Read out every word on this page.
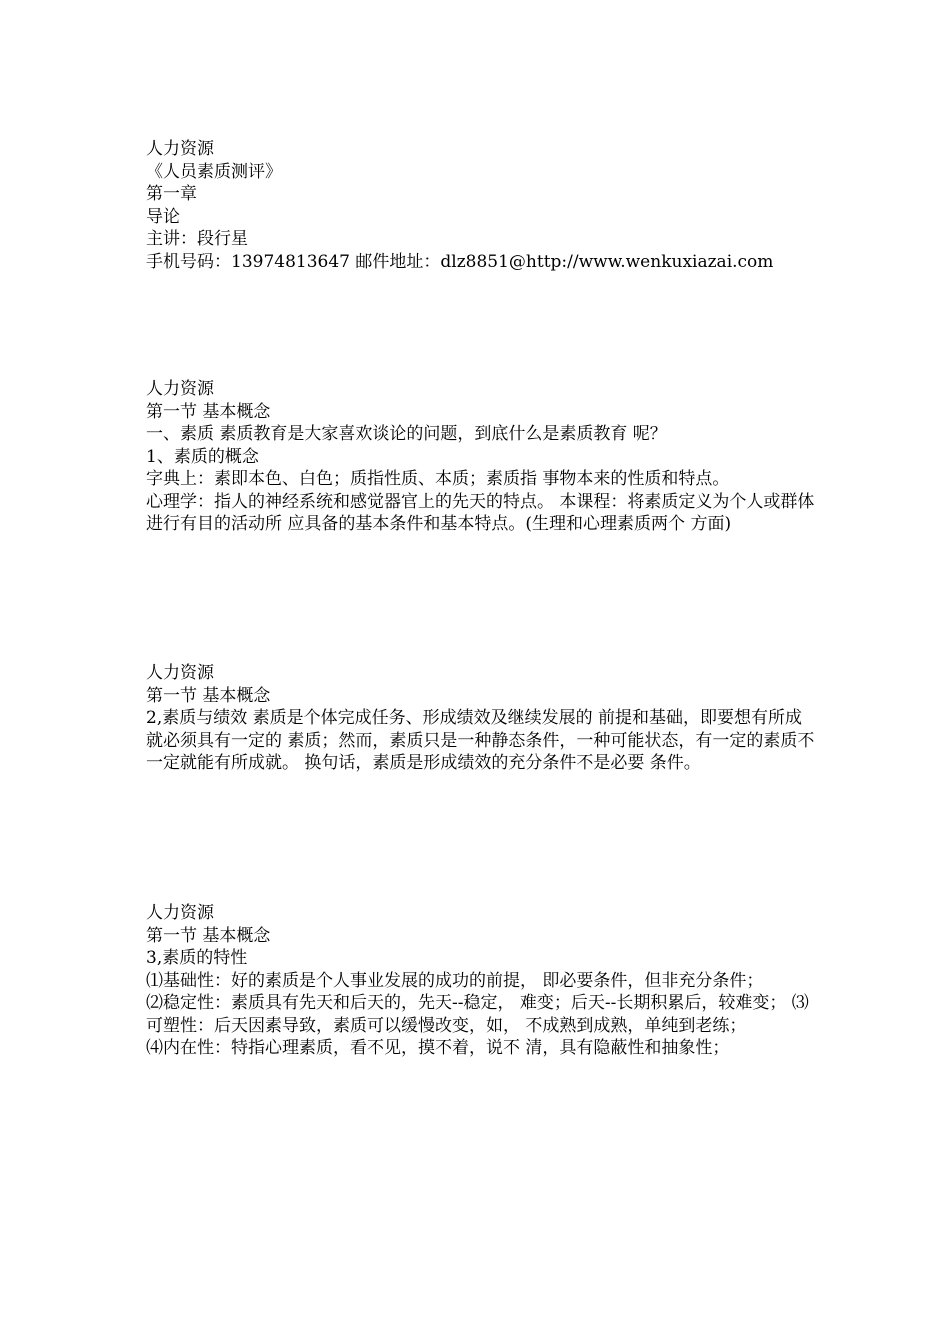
人力资源
《人员素质测评》
第一章
导论
主讲：段行星
手机号码：13974813647 邮件地址：dlz8851@http://www.wenkuxiazai.com
人力资源
第一节 基本概念
一、素质 素质教育是大家喜欢谈论的问题，到底什么是素质教育 呢？
1、素质的概念
字典上：素即本色、白色；质指性质、本质；素质指 事物本来的性质和特点。
心理学：指人的神经系统和感觉器官上的先天的特点。 本课程：将素质定义为个人或群体进行有目的活动所 应具备的基本条件和基本特点。(生理和心理素质两个 方面)
人力资源
第一节 基本概念
2,素质与绩效 素质是个体完成任务、形成绩效及继续发展的 前提和基础，即要想有所成就必须具有一定的 素质；然而，素质只是一种静态条件，一种可能状态，有一定的素质不一定就能有所成就。 换句话，素质是形成绩效的充分条件不是必要 条件。
人力资源
第一节 基本概念
3,素质的特性
⑴基础性：好的素质是个人事业发展的成功的前提， 即必要条件，但非充分条件；
⑵稳定性：素质具有先天和后天的，先天--稳定， 难变；后天--长期积累后，较难变； ⑶可塑性：后天因素导致，素质可以缓慢改变，如， 不成熟到成熟，单纯到老练；
⑷内在性：特指心理素质，看不见，摸不着，说不 清，具有隐蔽性和抽象性；
